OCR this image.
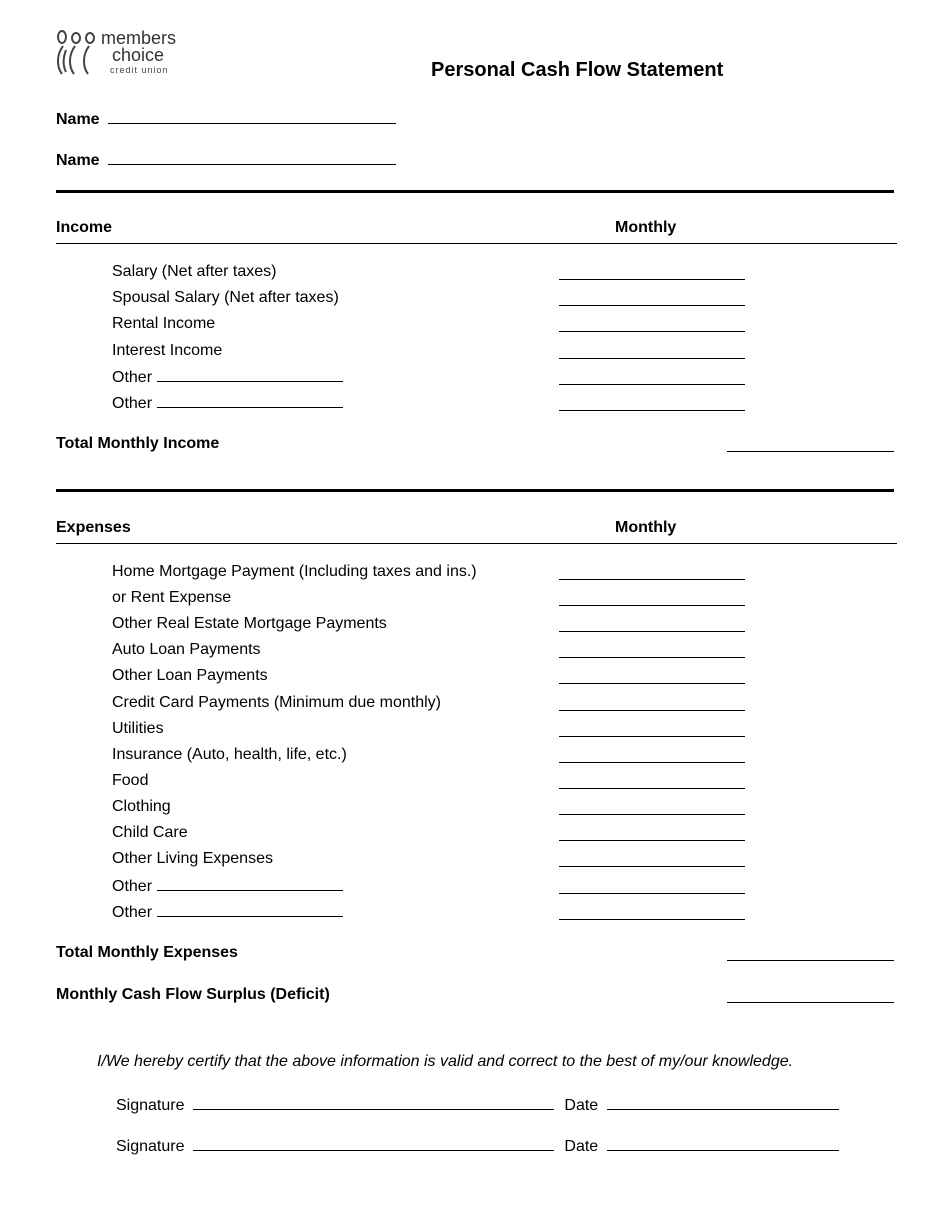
members
choice
credit union	Personal Cash Flow Statement
Name
Name
Income	Monthly
Salary (Net after taxes)
Spousal Salary (Net after taxes)
Rental Income
Interest Income
Other
Other
Total Monthly Income
Expenses	Monthly
Home Mortgage Payment (Including taxes and ins.)
or Rent Expense
Other Real Estate Mortgage Payments
Auto Loan Payments
Other Loan Payments
Credit Card Payments (Minimum due monthly)
Utilities
Insurance (Auto, health, life, etc.)
Food
Clothing
Child Care
Other Living Expenses
Other
Other
Total Monthly Expenses
Monthly Cash Flow Surplus (Deficit)
I/We hereby certify that the above information is valid and correct to the best of my/our knowledge.
Signature	Date
Signature	Date
